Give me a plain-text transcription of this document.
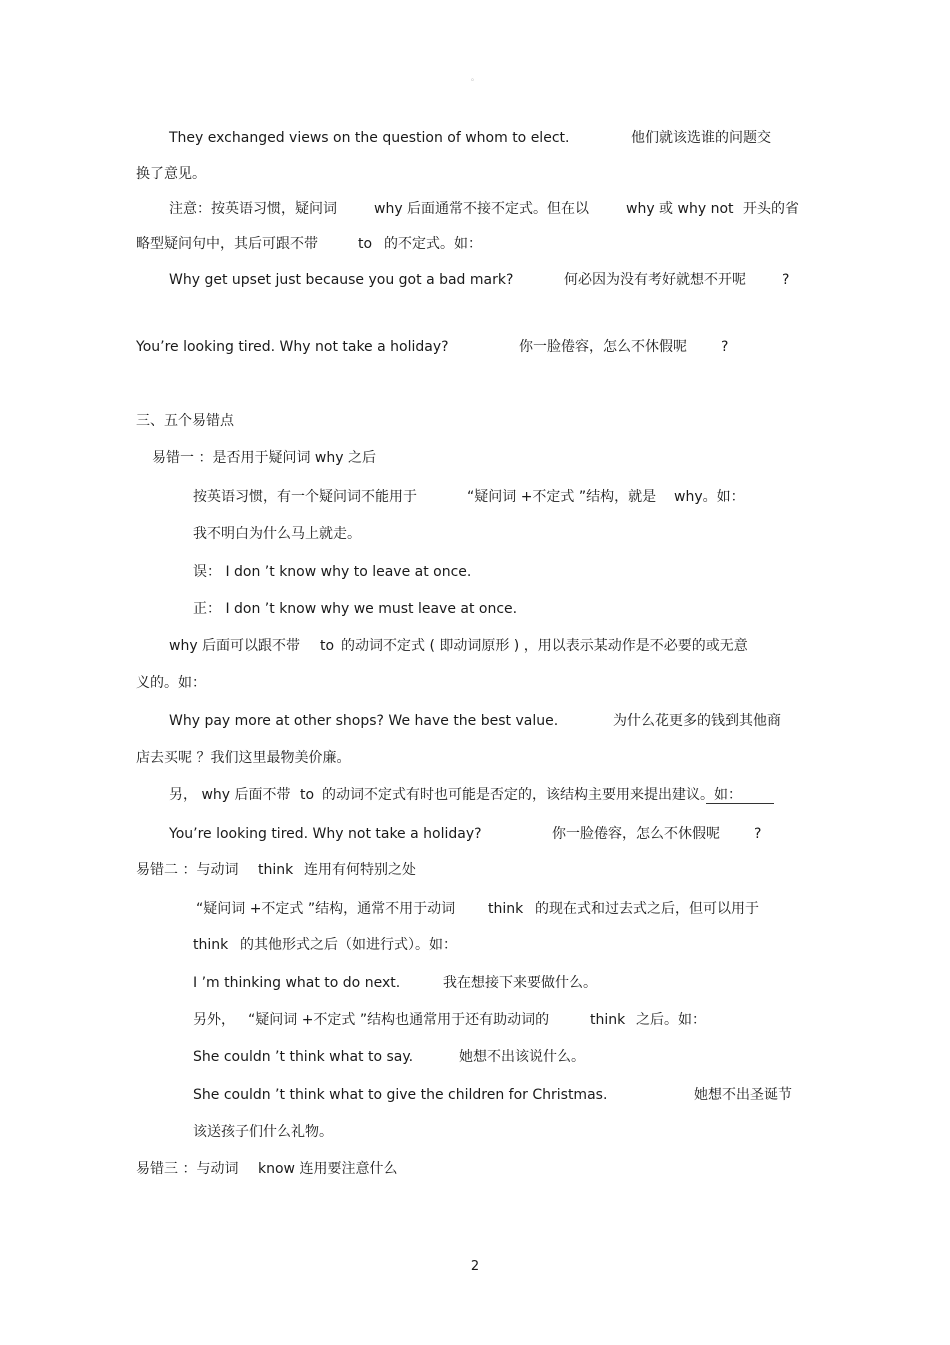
。
They exchanged views on the question of whom to elect.	他们就该选谁的问题交
换了意见。
注意：按英语习惯，疑问词	why 后面通常不接不定式。但在以	why 或 why not 开头的省
略型疑问句中，其后可跟不带	to 的不定式。如：
Why get upset just because you got a bad mark?	何必因为没有考好就想不开呢	?
You’re looking tired. Why not take a holiday?	你一脸倦容，怎么不休假呢 ?
三、五个易错点
易错一 ：是否用于疑问词 why 之后
按英语习惯，有一个疑问词不能用于	“疑问词 +不定式 ”结构，就是 why。如：
我不明白为什么马上就走。
误： I don ’t know why to leave at once.
正： I don ’t know why we must leave at once.
why 后面可以跟不带 to 的动词不定式 ( 即动词原形 ) ，用以表示某动作是不必要的或无意
义的。如：
Why pay more at other shops? We have the best value.	为什么花更多的钱到其他商
店去买呢 ？我们这里最物美价廉。
另， why 后面不带 to 的动词不定式有时也可能是否定的，该结构主要用来提出建议。如：
You’re looking tired. Why not take a holiday?	你一脸倦容，怎么不休假呢 ?
易错二 ：与动词 think 连用有何特别之处
“疑问词 +不定式 ”结构，通常不用于动词 think 的现在式和过去式之后，但可以用于
think 的其他形式之后（如进行式）。如：
I ’m thinking what to do next.	我在想接下来要做什么。
另外， “疑问词 +不定式 ”结构也通常用于还有助动词的	think 之后。如：
She couldn ’t think what to say.	她想不出该说什么。
She couldn ’t think what to give the children for Christmas.	她想不出圣诞节
该送孩子们什么礼物。
易错三 ：与动词 know 连用要注意什么
2
